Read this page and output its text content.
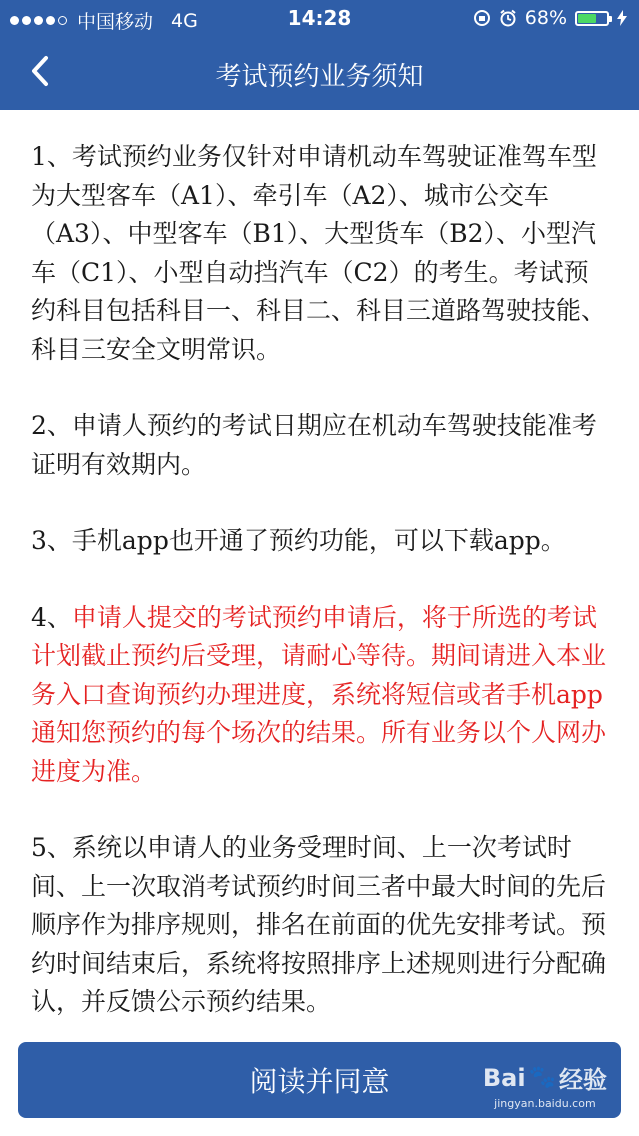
中国移动 4G	14:28	68%
考试预约业务须知

1、考试预约业务仅针对申请机动车驾驶证准驾车型为大型客车（A1）、牵引车（A2）、城市公交车（A3）、中型客车（B1）、大型货车（B2）、小型汽车（C1）、小型自动挡汽车（C2）的考生。考试预约科目包括科目一、科目二、科目三道路驾驶技能、科目三安全文明常识。

2、申请人预约的考试日期应在机动车驾驶技能准考证明有效期内。

3、手机app也开通了预约功能，可以下载app。

4、申请人提交的考试预约申请后，将于所选的考试计划截止预约后受理，请耐心等待。期间请进入本业务入口查询预约办理进度，系统将短信或者手机app通知您预约的每个场次的结果。所有业务以个人网办进度为准。

5、系统以申请人的业务受理时间、上一次考试时间、上一次取消考试预约时间三者中最大时间的先后顺序作为排序规则，排名在前面的优先安排考试。预约时间结束后，系统将按照排序上述规则进行分配确认，并反馈公示预约结果。

阅读并同意	Bai 🐾 经验
jingyan.baidu.com
